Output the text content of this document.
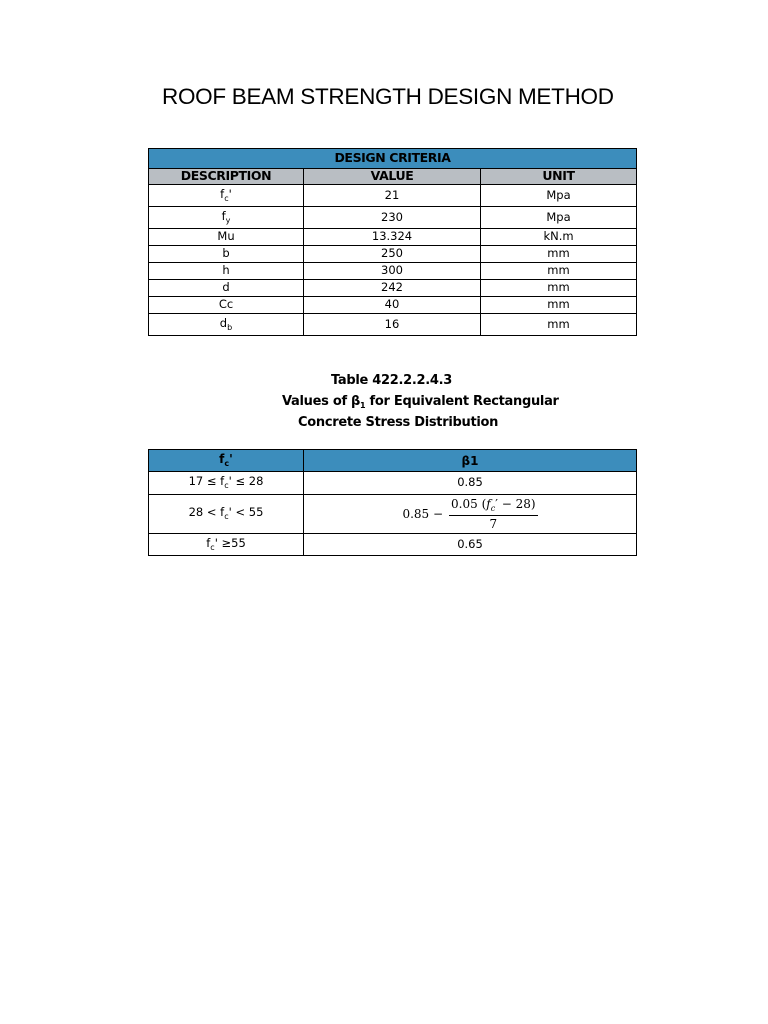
ROOF BEAM STRENGTH DESIGN METHOD
DESIGN CRITERIA		
DESCRIPTION	VALUE	UNIT
$f_c'$	21	Mpa
$f_y$	230	Mpa
Mu	13.324	kN.m
b	250	mm
h	300	mm
d	242	mm
Cc	40	mm
$d_b$	16	mm
Table 422.2.2.4.3
Values of $\beta_1$ for Equivalent Rectangular
Concrete Stress Distribution
$f_c'$	β1
$17 \le f_c' \le 28$	0.85
$28 < f_c' < 55$	$0.85 - \frac{0.05 (f_c' - 28)}{7}$

$f_c' \ge 55$	0.65
